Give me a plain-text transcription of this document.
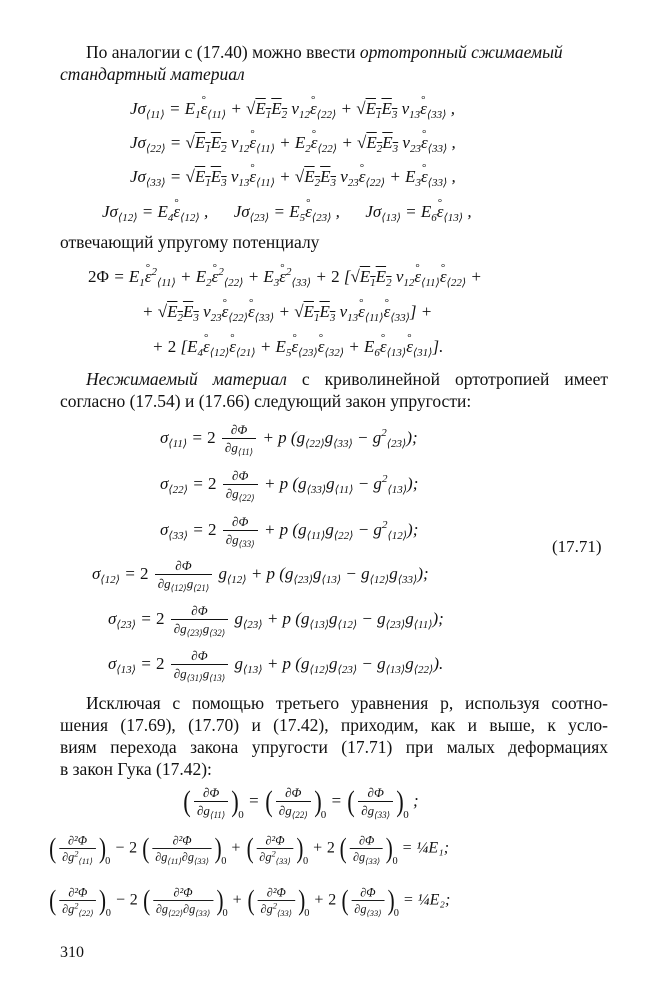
По аналогии с (17.40) можно ввести ортотропный сжимаемый
стандартный материал
$J\sigma_{⟨11⟩} = E_1^\circ$ $\varepsilon_{⟨11⟩} + √E_1E_2$ $\nu_{12}^\circ$ $\varepsilon_{⟨22⟩} + √E_1E_3$ $\nu_{13}^\circ$ $\varepsilon_{⟨33⟩}$ ,
$J\sigma_{⟨22⟩} = √E_1E_2$ $\nu_{12}^\circ$ $\varepsilon_{⟨11⟩} + E_2^\circ$ $\varepsilon_{⟨22⟩} + √E_2E_3$ $\nu_{23}^\circ$ $\varepsilon_{⟨33⟩}$ ,
$J\sigma_{⟨33⟩} = √E_1E_3$ $\nu_{13}^\circ$ $\varepsilon_{⟨11⟩} + √E_2E_3$ $\nu_{23}^\circ$ $\varepsilon_{⟨22⟩} + E_3^\circ$ $\varepsilon_{⟨33⟩}$ ,
$J\sigma_{⟨12⟩} = E_4^\circ$ $\varepsilon_{⟨12⟩}$ ,      $J\sigma_{⟨23⟩} = E_5^\circ$ $\varepsilon_{⟨23⟩}$ ,      $J\sigma_{⟨13⟩} = E_6^\circ$ $\varepsilon_{⟨13⟩}$ ,
отвечающий упругому потенциалу
$2\Phi = E_1^\circ$ $\varepsilon^2_{⟨11⟩} + E_2^\circ$ $\varepsilon^2_{⟨22⟩} + E_3^\circ$ $\varepsilon^2_{⟨33⟩} + 2$ [$√E_1E_2$ $\nu_{12}^\circ$ $\varepsilon_{⟨11⟩}^\circ$ $\varepsilon_{⟨22⟩}$ +
+ $√E_2E_3$ $\nu_{23}^\circ$ $\varepsilon_{⟨22⟩}^\circ$ $\varepsilon_{⟨33⟩} + √E_1E_3$ $\nu_{13}^\circ$ $\varepsilon_{⟨11⟩}^\circ$ $\varepsilon_{⟨33⟩}$] +
+ 2 [$E_4^\circ$ $\varepsilon_{⟨12⟩}^\circ$ $\varepsilon_{⟨21⟩} + E_5^\circ$ $\varepsilon_{⟨23⟩}^\circ$ $\varepsilon_{⟨32⟩} + E_6^\circ$ $\varepsilon_{⟨13⟩}^\circ$ $\varepsilon_{⟨31⟩}$].
Несжимаемый материал с криволинейной ортотропией имеет
согласно (17.54) и (17.66) следующий закон упругости:
$\sigma_{⟨11⟩} = 2 \frac{\partial\Phi}{\partial g_{⟨11⟩}} + p$ $(g_{⟨22⟩}g_{⟨33⟩} - g^2_{⟨23⟩})$;
$\sigma_{⟨22⟩} = 2 \frac{\partial\Phi}{\partial g_{⟨22⟩}} + p$ $(g_{⟨33⟩}g_{⟨11⟩} - g^2_{⟨13⟩})$;
$\sigma_{⟨33⟩} = 2 \frac{\partial\Phi}{\partial g_{⟨33⟩}} + p$ $(g_{⟨11⟩}g_{⟨22⟩} - g^2_{⟨12⟩})$;
(17.71)
$\sigma_{⟨12⟩} = 2 \frac{\partial\Phi}{\partial g_{⟨12⟩}g_{⟨21⟩}} g_{⟨12⟩} + p$ $(g_{⟨23⟩}g_{⟨13⟩} - g_{⟨12⟩}g_{⟨33⟩})$;
$\sigma_{⟨23⟩} = 2 \frac{\partial\Phi}{\partial g_{⟨23⟩}g_{⟨32⟩}} g_{⟨23⟩} + p$ $(g_{⟨13⟩}g_{⟨12⟩} - g_{⟨23⟩}g_{⟨11⟩})$;
$\sigma_{⟨13⟩} = 2 \frac{\partial\Phi}{\partial g_{⟨31⟩}g_{⟨13⟩}} g_{⟨13⟩} + p$ $(g_{⟨12⟩}g_{⟨23⟩} - g_{⟨13⟩}g_{⟨22⟩})$.
Исключая с помощью третьего уравнения p, используя соотно-
шения (17.69), (17.70) и (17.42), приходим, как и выше, к усло-
виям перехода закона упругости (17.71) при малых деформациях
в закон Гука (17.42):
( $\frac{\partial\Phi}{\partial g_{⟨11⟩}} )_0$ = ( $\frac{\partial\Phi}{\partial g_{⟨22⟩}} )_0$ = ( $\frac{\partial\Phi}{\partial g_{⟨33⟩}} )_0$ ;
( $\frac{\text{∂²Φ}}{\partial g^2_{⟨11⟩}} )_0 - 2$ ( $\frac{\text{∂²Φ}}{\partial g_{⟨11⟩}\partial g_{⟨33⟩}} )_0$ + ( $\frac{\text{∂²Φ}}{\partial g^2_{⟨33⟩}} )_0 + 2$ ( $\frac{\partial\Phi}{\partial g_{⟨33⟩}} )_0$ = ¼E₁;
( $\frac{\text{∂²Φ}}{\partial g^2_{⟨22⟩}} )_0 - 2$ ( $\frac{\text{∂²Φ}}{\partial g_{⟨22⟩}\partial g_{⟨33⟩}} )_0$ + ( $\frac{\text{∂²Φ}}{\partial g^2_{⟨33⟩}} )_0 + 2$ ( $\frac{\partial\Phi}{\partial g_{⟨33⟩}} )_0$ = ¼E₂;
310
